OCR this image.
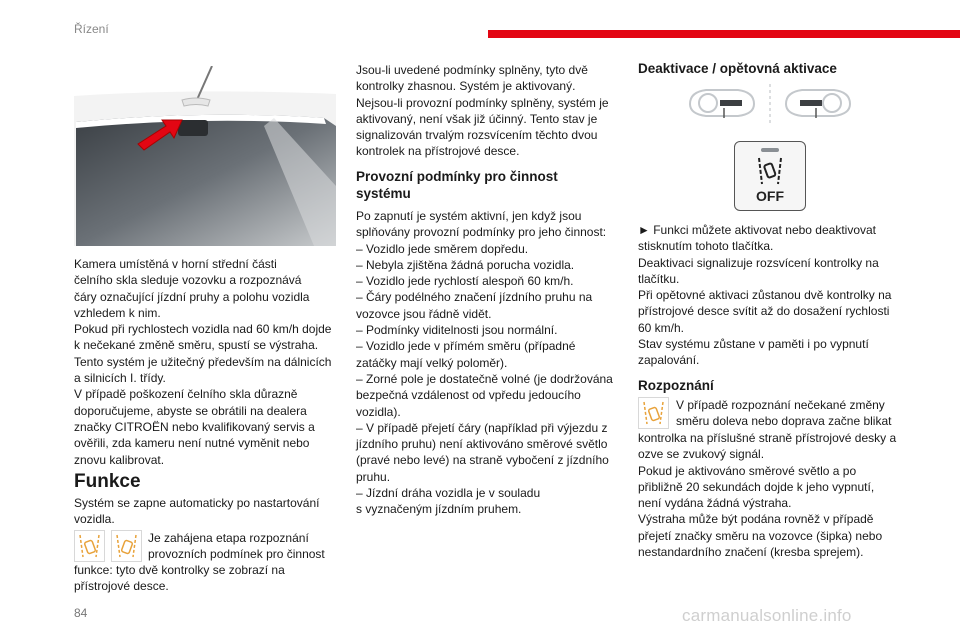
Řízení

Kamera umístěná v horní střední části

čelního skla sleduje vozovku a rozpoznává

čáry označující jízdní pruhy a polohu vozidla

vzhledem k nim.

Pokud při rychlostech vozidla nad 60 km/h dojde

k nečekané změně směru, spustí se výstraha.

Tento systém je užitečný především na dálnicích

a silnicích I. třídy.

V případě poškození čelního skla důrazně

doporučujeme, abyste se obrátili na dealera

značky CITROËN nebo kvalifikovaný servis a

ověřili, zda kameru není nutné vyměnit nebo

znovu kalibrovat.

Funkce

Systém se zapne automaticky po nastartování

vozidla.

Je zahájena etapa rozpoznání

provozních podmínek pro činnost

funkce: tyto dvě kontrolky se zobrazí na

přístrojové desce.

Jsou-li uvedené podmínky splněny, tyto dvě

kontrolky zhasnou. Systém je aktivovaný.

Nejsou-li provozní podmínky splněny, systém je

aktivovaný, není však již účinný. Tento stav je

signalizován trvalým rozsvícením těchto dvou

kontrolek na přístrojové desce.

Provozní podmínky pro činnost

systému

Po zapnutí je systém aktivní, jen když jsou

splňovány provozní podmínky pro jeho činnost:

– Vozidlo jede směrem dopředu.

– Nebyla zjištěna žádná porucha vozidla.

– Vozidlo jede rychlostí alespoň 60 km/h.

– Čáry podélného značení jízdního pruhu na

vozovce jsou řádně vidět.

– Podmínky viditelnosti jsou normální.

– Vozidlo jede v přímém směru (případné

zatáčky mají velký poloměr).

– Zorné pole je dostatečně volné (je dodržována

bezpečná vzdálenost od vpředu jedoucího

vozidla).

– V případě přejetí čáry (například při výjezdu z

jízdního pruhu) není aktivováno směrové světlo

(pravé nebo levé) na straně vybočení z jízdního

pruhu.

– Jízdní dráha vozidla je v souladu

s vyznačeným jízdním pruhem.

Deaktivace / opětovná aktivace
OFF

► Funkci můžete aktivovat nebo deaktivovat

stisknutím tohoto tlačítka.

Deaktivaci signalizuje rozsvícení kontrolky na

tlačítku.

Při opětovné aktivaci zůstanou dvě kontrolky na

přístrojové desce svítit až do dosažení rychlosti

60 km/h.

Stav systému zůstane v paměti i po vypnutí

zapalování.

Rozpoznání

V případě rozpoznání nečekané změny

směru doleva nebo doprava začne blikat

kontrolka na příslušné straně přístrojové desky a

ozve se zvukový signál.

Pokud je aktivováno směrové světlo a po

přibližně 20 sekundách dojde k jeho vypnutí,

není vydána žádná výstraha.

Výstraha může být podána rovněž v případě

přejetí značky směru na vozovce (šipka) nebo

nestandardního značení (kresba sprejem).

84	carmanualsonline.info
